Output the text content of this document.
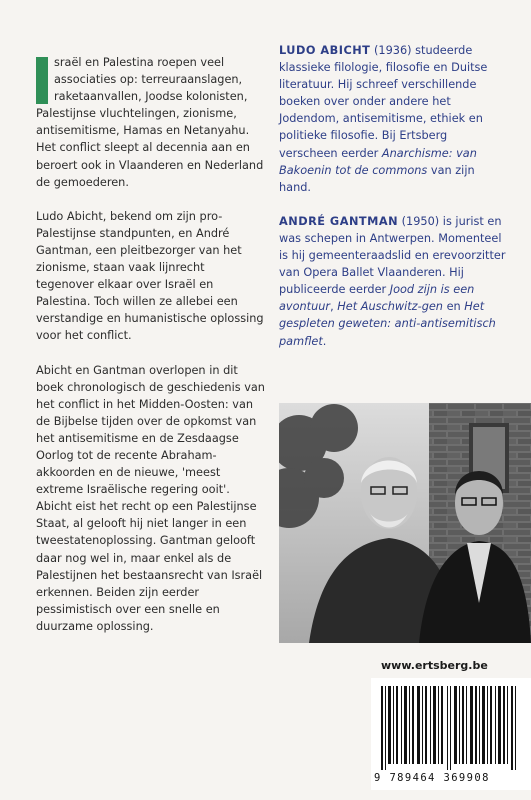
sraël en Palestina roepen veel associaties op: terreuraanslagen, raketaanvallen, Joodse kolonisten, Palestijnse vluchtelingen, zionisme, antisemitisme, Hamas en Netanyahu. Het conflict sleept al decennia aan en beroert ook in Vlaanderen en Nederland de gemoederen.

Ludo Abicht, bekend om zijn pro-Palestijnse standpunten, en André Gantman, een pleitbezorger van het zionisme, staan vaak lijnrecht tegenover elkaar over Israël en Palestina. Toch willen ze allebei een verstandige en humanistische oplossing voor het conflict.

Abicht en Gantman overlopen in dit boek chronologisch de geschiedenis van het conflict in het Midden-Oosten: van de Bijbelse tijden over de opkomst van het antisemitisme en de Zesdaagse Oorlog tot de recente Abraham-akkoorden en de nieuwe, 'meest extreme Israëlische regering ooit'. Abicht eist het recht op een Palestijnse Staat, al gelooft hij niet langer in een tweestatenoplossing. Gantman gelooft daar nog wel in, maar enkel als de Palestijnen het bestaansrecht van Israël erkennen. Beiden zijn eerder pessimistisch over een snelle en duurzame oplossing.

LUDO ABICHT (1936) studeerde klassieke filologie, filosofie en Duitse literatuur. Hij schreef verschillende boeken over onder andere het Jodendom, antisemitisme, ethiek en politieke filosofie. Bij Ertsberg verscheen eerder Anarchisme: van Bakoenin tot de commons van zijn hand.

ANDRÉ GANTMAN (1950) is jurist en was schepen in Antwerpen. Momenteel is hij gemeenteraadslid en erevoorzitter van Opera Ballet Vlaanderen. Hij publiceerde eerder Jood zijn is een avontuur, Het Auschwitz-gen en Het gespleten geweten: anti-antisemitisch pamflet.

www.ertsberg.be
9 789464 369908
